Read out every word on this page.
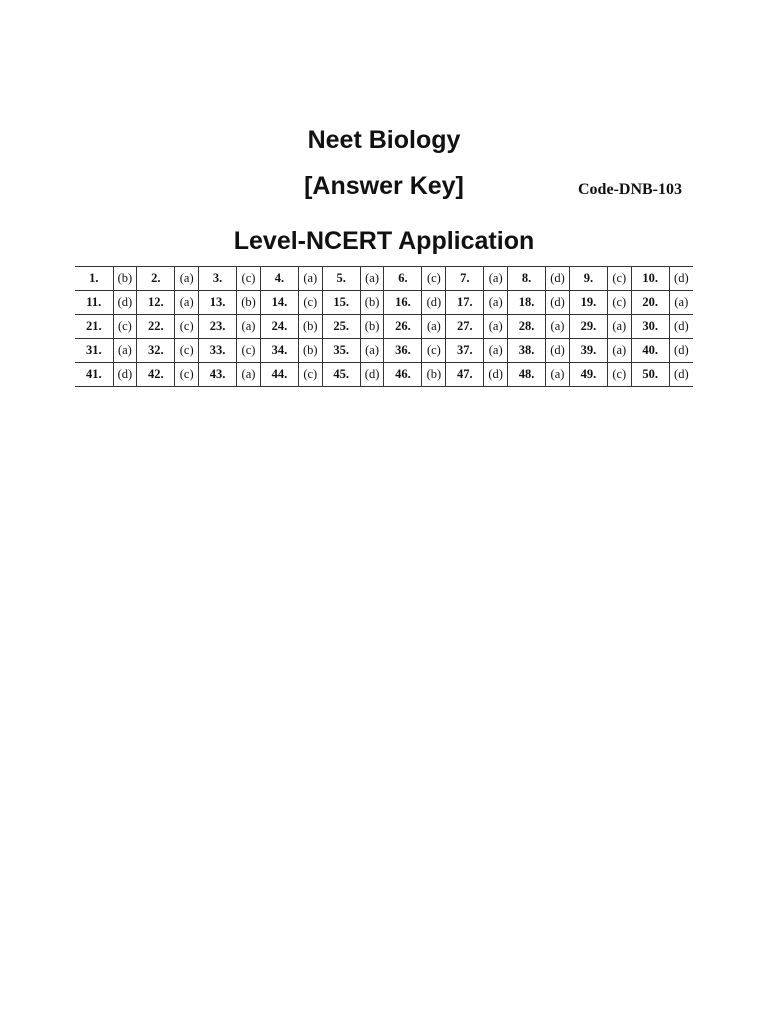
Neet Biology
[Answer Key]	Code-DNB-103
Level-NCERT Application
1.	(b)	2.	(a)	3.	(c)	4.	(a)	5.	(a)	6.	(c)	7.	(a)	8.	(d)	9.	(c)	10.	(d)
11.	(d)	12.	(a)	13.	(b)	14.	(c)	15.	(b)	16.	(d)	17.	(a)	18.	(d)	19.	(c)	20.	(a)
21.	(c)	22.	(c)	23.	(a)	24.	(b)	25.	(b)	26.	(a)	27.	(a)	28.	(a)	29.	(a)	30.	(d)
31.	(a)	32.	(c)	33.	(c)	34.	(b)	35.	(a)	36.	(c)	37.	(a)	38.	(d)	39.	(a)	40.	(d)
41.	(d)	42.	(c)	43.	(a)	44.	(c)	45.	(d)	46.	(b)	47.	(d)	48.	(a)	49.	(c)	50.	(d)
